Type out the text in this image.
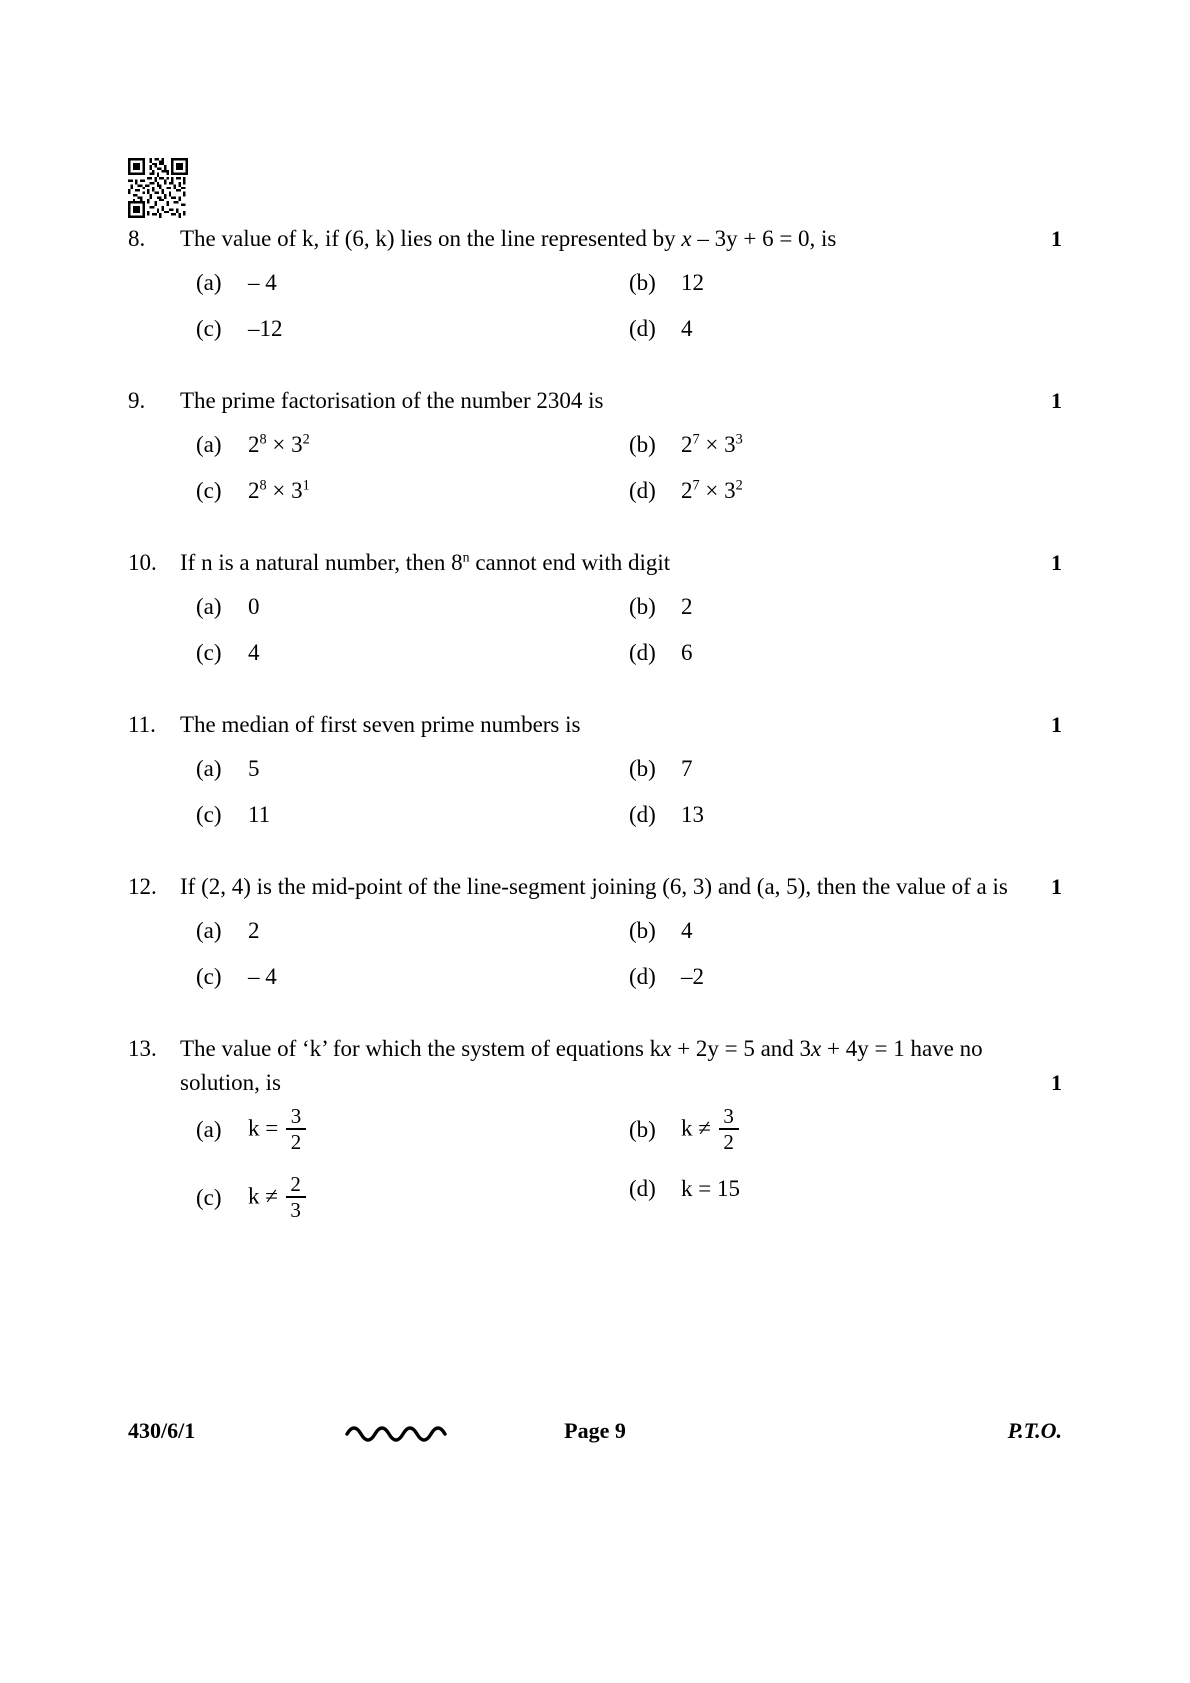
8.	The value of k, if (6, k) lies on the line represented by x – 3y + 6 = 0, is	1
(a)	– 4	(b)	12
(c)	–12	(d)	4
9.	The prime factorisation of the number 2304 is	1
(a)	$2^8 \times 3^2$	(b)	$2^7 \times 3^3$
(c)	$2^8 \times 3^1$	(d)	$2^7 \times 3^2$
10.	If n is a natural number, then 8$^n$ cannot end with digit	1
(a)	0	(b)	2
(c)	4	(d)	6
11.	The median of first seven prime numbers is	1
(a)	5	(b)	7
(c)	11	(d)	13
12.	If (2, 4) is the mid-point of the line-segment joining (6, 3) and (a, 5), then the value of a is	1
(a)	2	(b)	4
(c)	– 4	(d)	–2
13.	The value of ‘k’ for which the system of equations kx + 2y = 5 and 3x + 4y = 1 have no solution, is	1
(a)	$k = \frac{3}{2}$	(b)	$k \ne \frac{3}{2}$
(c)	$k \ne \frac{2}{3}$	(d)	k = 15
430/6/1	Page 9	P.T.O.
